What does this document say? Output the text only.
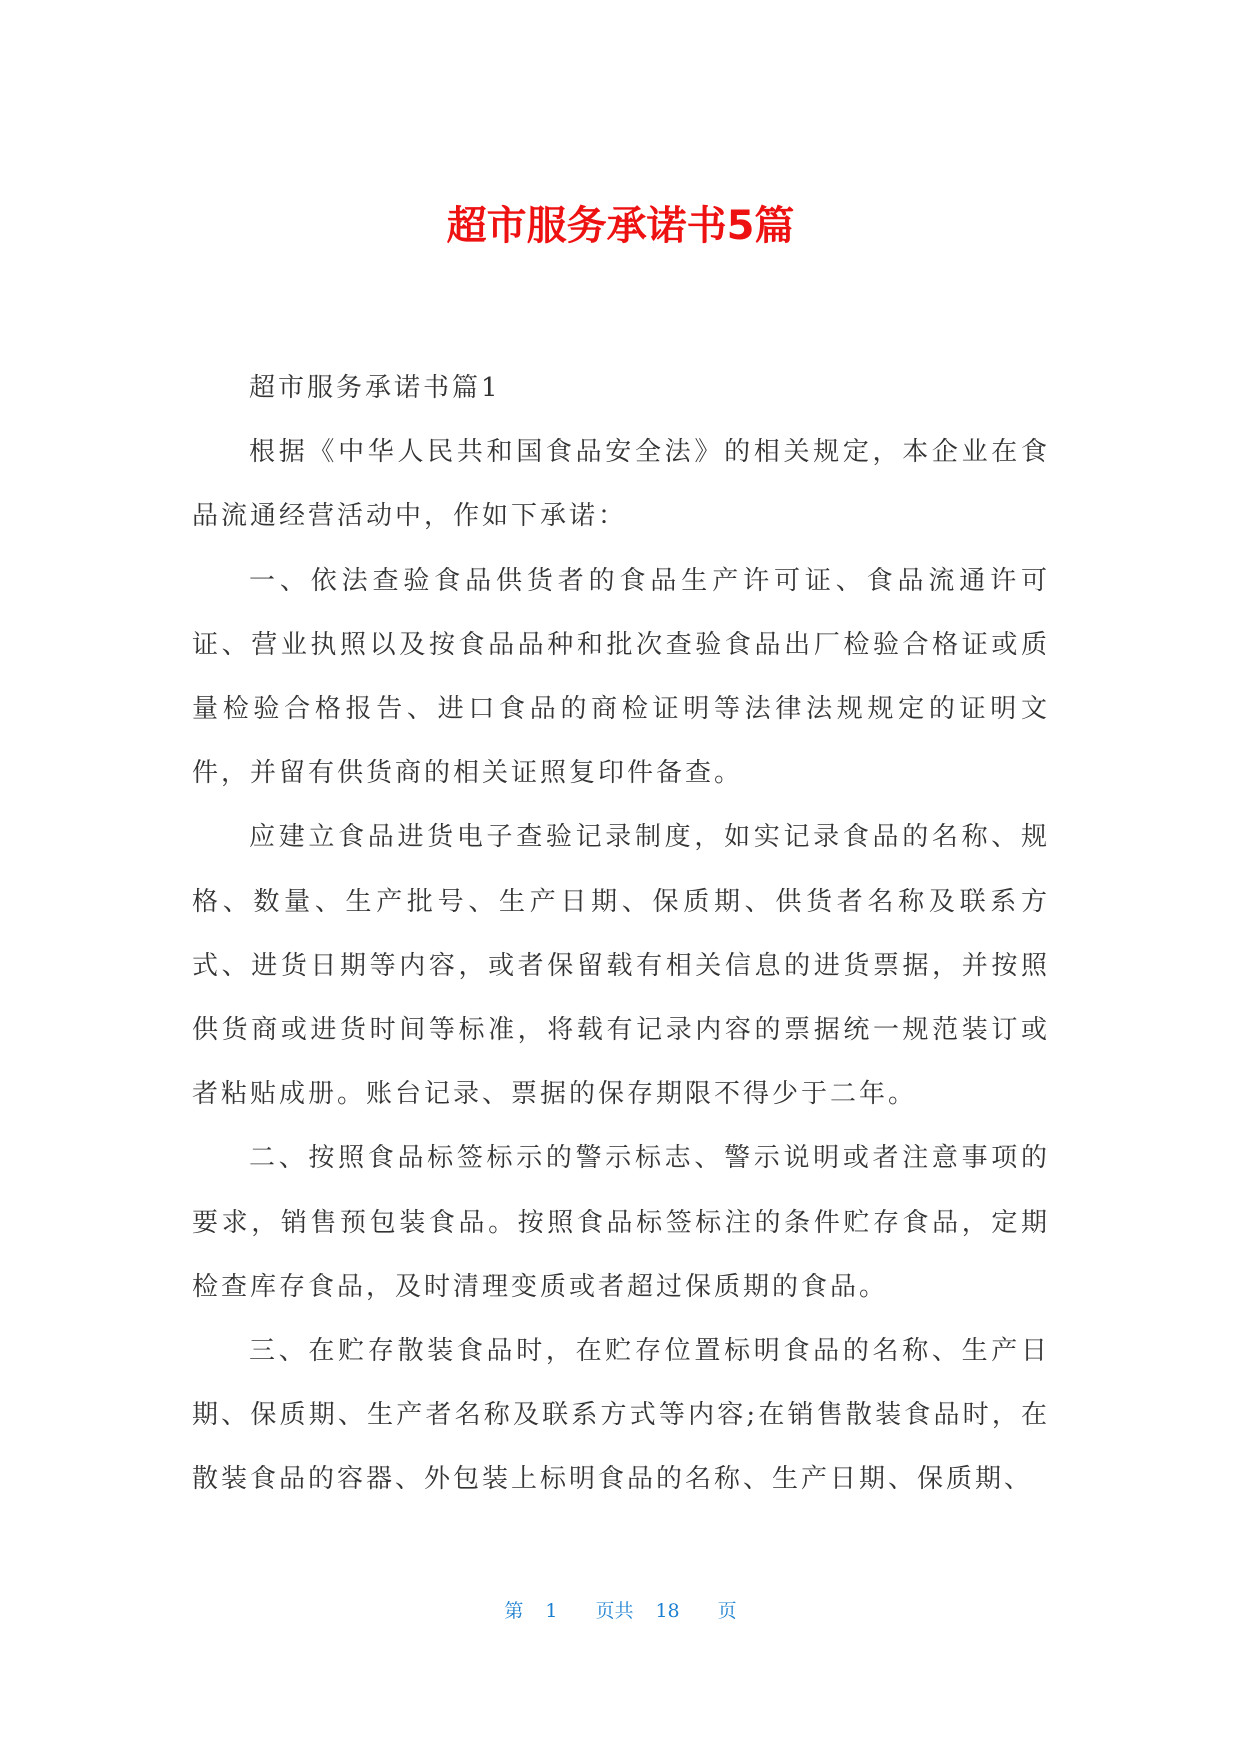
超市服务承诺书5篇

超市服务承诺书篇1

根据《中华人民共和国食品安全法》的相关规定，本企业在食品流通经营活动中，作如下承诺：

一、依法查验食品供货者的食品生产许可证、食品流通许可证、营业执照以及按食品品种和批次查验食品出厂检验合格证或质量检验合格报告、进口食品的商检证明等法律法规规定的证明文件，并留有供货商的相关证照复印件备查。

应建立食品进货电子查验记录制度，如实记录食品的名称、规格、数量、生产批号、生产日期、保质期、供货者名称及联系方式、进货日期等内容，或者保留载有相关信息的进货票据，并按照供货商或进货时间等标准，将载有记录内容的票据统一规范装订或者粘贴成册。账台记录、票据的保存期限不得少于二年。

二、按照食品标签标示的警示标志、警示说明或者注意事项的要求，销售预包装食品。按照食品标签标注的条件贮存食品，定期检查库存食品，及时清理变质或者超过保质期的食品。

三、在贮存散装食品时，在贮存位置标明食品的名称、生产日期、保质期、生产者名称及联系方式等内容;在销售散装食品时，在散装食品的容器、外包装上标明食品的名称、生产日期、保质期、

第 1 页共 18 页
